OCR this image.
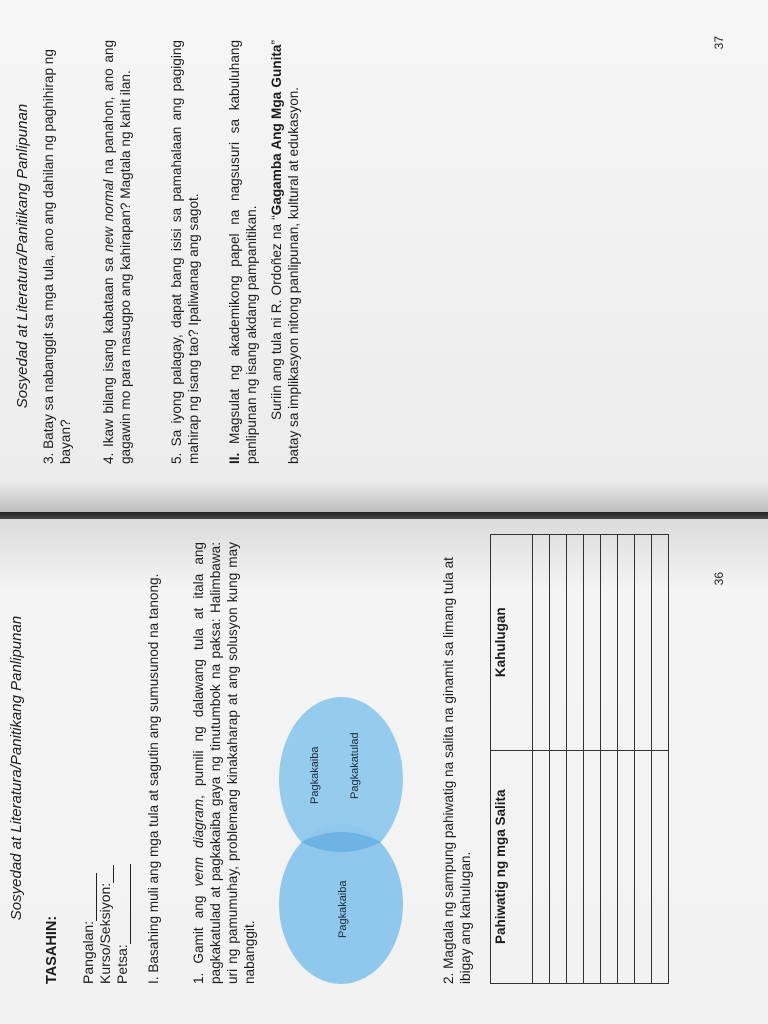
Sosyedad at Literatura/Panitikang Panlipunan

TASAHIN: Pangalan: Kurso/Seksiyon: Petsa: I. Basahing muli ang mga tula at sagutin ang sumusunod na tanong. 1. Gamit ang venn diagram, pumili ng dalawang tula at itala ang pagkakatulad at pagkakaiba gaya ng tinutumbok na paksa: Halimbawa: uri ng pamumuhay, problemang kinakaharap at ang solusyon kung may nabanggit.

Pagkakaiba
Pagkakaiba	Pagkakatulad	2. Magtala ng sampung pahiwatig na salita na ginamit sa limang tula at ibigay ang kahulugan. Pahiwatig ng mga Salita	Kahulugan

36

Sosyedad at Literatura/Panitikang Panlipunan 3. Batay sa nabanggit sa mga tula, ano ang dahilan ng paghihirap ng bayan? 4. Ikaw bilang isang kabataan sa new normal na panahon, ano ang gagawin mo para masugpo ang kahirapan? Magtala ng kahit ilan.	5. Sa iyong palagay, dapat bang isisi sa pamahalaan ang pagiging mahirap ng isang tao? Ipaliwanag ang sagot. II. Magsulat ng akademikong papel na nagsusuri sa kabuluhang panlipunan ng isang akdang pampanitikan. Suriin ang tula ni R. Ordoñez na “Gagamba Ang Mga Gunita” batay sa implikasyon nitong panlipunan, kultural at edukasyon.

37
